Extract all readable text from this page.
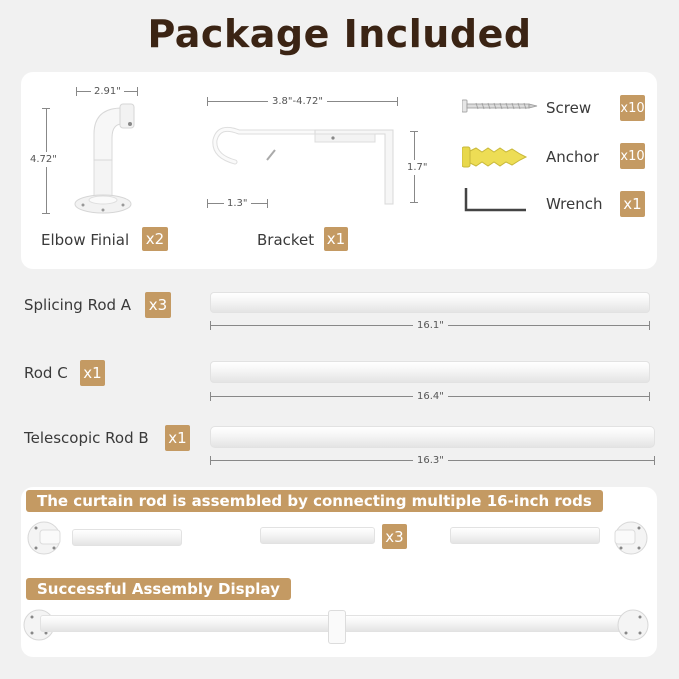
Package Included
2.91"
4.72"
Elbow Finial x2
3.8"-4.72"
1.3"
1.7"
Bracket x1
Screw x10
Anchor x10
Wrench x1
Splicing Rod A x3
16.1"
Rod C x1
16.4"
Telescopic Rod B x1
16.3"
The curtain rod is assembled by connecting multiple 16-inch rods
x3
Successful Assembly Display
